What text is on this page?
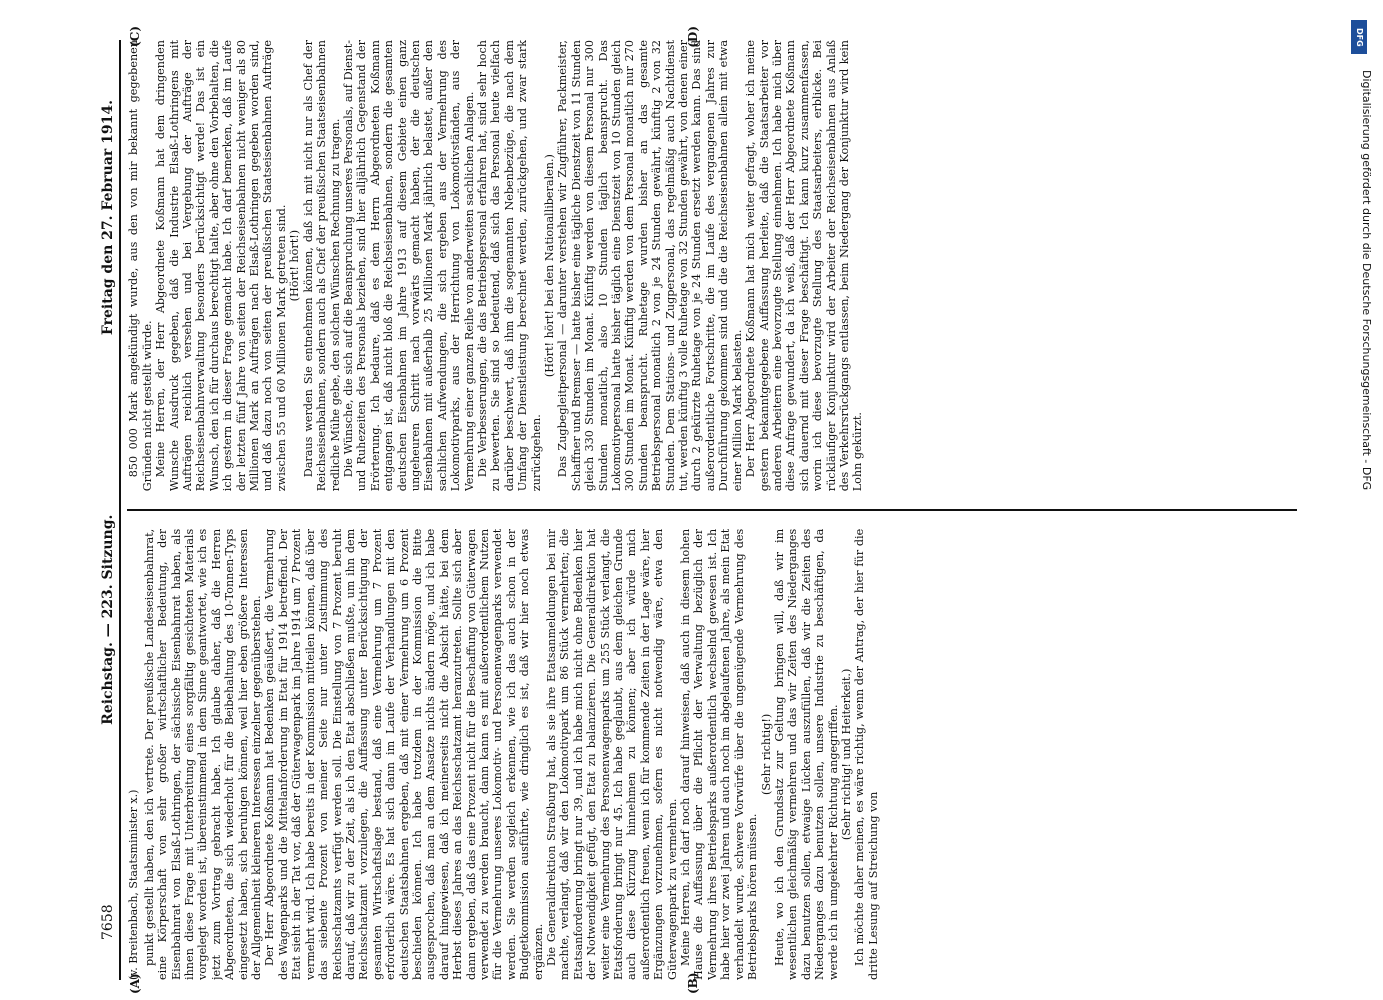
DFG
Digitalisierung gefördert durch die Deutsche Forschungsgemeinschaft - DFG
7658
Reichstag. — 223. Sitzung.
Freitag den 27. Februar 1914.
(v. Breitenbach, Staatsminister x.) punkt gestellt haben, den ich vertrete. Der preußische Landeseisenbahnrat, eine Körperschaft von sehr großer wirtschaftlicher Bedeutung, der Eisenbahnrat von Elsaß-Lothringen, der sächsische Eisenbahnrat haben, als ihnen diese Frage mit Unterbreitung eines sorgfältig gesichteten Materials vorgelegt worden ist, übereinstimmend in dem Sinne geantwortet, wie ich es jetzt zum Vortrag gebracht habe. Ich glaube daher, daß die Herren Abgeordneten, die sich wiederholt für die Beibehaltung des 10-Tonnen-Typs eingesetzt haben, sich beruhigen können, weil hier eben größere Interessen der Allgemeinheit kleineren Interessen einzelner gegenüberstehen. Der Herr Abgeordnete Koßmann hat Bedenken geäußert, die Vermehrung des Wagenparks und die Mittelanforderung im Etat für 1914 betreffend. Der Etat sieht in der Tat vor, daß der Güterwagenpark im Jahre 1914 um 7 Prozent vermehrt wird. Ich habe bereits in der Kommission mitteilen können, daß über das siebente Prozent von meiner Seite nur unter Zustimmung des Reichsschatzamts verfügt werden soll. Die Einstellung von 7 Prozent beruht darauf, daß wir zu der Zeit, als ich den Etat abschließen mußte, um ihn dem Reichsschatzamt vorzulegen, die Auffassung unter Berücksichtigung der gesamten Wirtschaftslage bestand, daß eine Vermehrung um 7 Prozent erforderlich wäre. Es hat sich dann im Laufe der Verhandlungen mit den deutschen Staatsbahnen ergeben, daß mit einer Vermehrung um 6 Prozent beschieden können. Ich habe trotzdem in der Kommission die Bitte ausgesprochen, daß man an dem Ansatze nichts ändern möge, und ich habe darauf hingewiesen, daß ich meinerseits nicht die Absicht hätte, bei dem Herbst dieses Jahres an das Reichsschatzamt heranzutreten. Sollte sich aber dann ergeben, daß das eine Prozent nicht für die Beschaffung von Güterwagen verwendet zu werden braucht, dann kann es mit außerordentlichem Nutzen für die Vermehrung unseres Lokomotiv- und Personenwagenparks verwendet werden. Sie werden sogleich erkennen, wie ich das auch schon in der Budgetkommission ausführte, wie dringlich es ist, daß wir hier noch etwas ergänzen. Die Generaldirektion Straßburg hat, als sie ihre Etatsanmeldungen bei mir machte, verlangt, daß wir den Lokomotivpark um 86 Stück vermehrten; die Etatsanforderung bringt nur 39, und ich habe mich nicht ohne Bedenken hier der Notwendigkeit gefügt, den Etat zu balanzieren. Die Generaldirektion hat weiter eine Vermehrung des Personenwagenparks um 255 Stück verlangt, die Etatsforderung bringt nur 45. Ich habe geglaubt, aus dem gleichen Grunde auch diese Kürzung hinnehmen zu können; aber ich würde mich außerordentlich freuen, wenn ich für kommende Zeiten in der Lage wäre, hier Ergänzungen vorzunehmen, sofern es nicht notwendig wäre, etwa den Güterwagenpark zu vermehren. Meine Herren, ich darf noch darauf hinweisen, daß auch in diesem hohen Hause die Auffassung über die Pflicht der Verwaltung bezüglich der Vermehrung ihres Betriebsparks außerordentlich wechselnd gewesen ist. Ich habe hier vor zwei Jahren und auch noch im abgelaufenen Jahre, als mein Etat verhandelt wurde, schwere Vorwürfe über die ungenügende Vermehrung des Betriebsparks hören müssen.

(Sehr richtig!) Heute, wo ich den Grundsatz zur Geltung bringen will, daß wir im wesentlichen gleichmäßig vermehren und das wir Zeiten des Niederganges dazu benutzen sollen, etwaige Lücken auszufüllen, daß wir die Zeiten des Niederganges dazu benutzen sollen, unsere Industrie zu beschäftigen, da werde ich in umgekehrter Richtung angegriffen. (Sehr richtig! und Heiterkeit.) Ich möchte daher meinen, es wäre richtig, wenn der Antrag, der hier für die dritte Lesung auf Streichung von

850 000 Mark angekündigt wurde, aus den von mir bekannt gegebenen Gründen nicht gestellt würde. Meine Herren, der Herr Abgeordnete Koßmann hat dem dringenden Wunsche Ausdruck gegeben, daß die Industrie Elsaß-Lothringens mit Aufträgen reichlich versehen und bei Vergebung der Aufträge der Reichseisenbahnverwaltung besonders berücksichtigt werde! Das ist ein Wunsch, den ich für durchaus berechtigt halte, aber ohne den Vorbehalten, die ich gestern in dieser Frage gemacht habe. Ich darf bemerken, daß im Laufe der letzten fünf Jahre von seiten der Reichseisenbahnen nicht weniger als 80 Millionen Mark an Aufträgen nach Elsaß-Lothringen gegeben worden sind, und daß dazu noch von seiten der preußischen Staatseisenbahnen Aufträge zwischen 55 und 60 Millionen Mark getreten sind. (Hört! hört!) Daraus werden Sie entnehmen können, daß ich mit nicht nur als Chef der Reichseisenbahnen, sondern auch als Chef der preußischen Staatseisenbahnen redliche Mühe gebe, den solchen Wünschen Rechnung zu tragen. Die Wünsche, die sich auf die Beanspruchung unseres Personals, auf Dienst- und Ruhezeiten des Personals beziehen, sind hier alljährlich Gegenstand der Erörterung. Ich bedaure, daß es dem Herrn Abgeordneten Koßmann entgangen ist, daß nicht bloß die Reichseisenbahnen, sondern die gesamten deutschen Eisenbahnen im Jahre 1913 auf diesem Gebiete einen ganz ungeheuren Schritt nach vorwärts gemacht haben, der die deutschen Eisenbahnen mit außerhalb 25 Millionen Mark jährlich belastet, außer den sachlichen Aufwendungen, die sich ergeben aus der Vermehrung des Lokomotivparks, aus der Herrichtung von Lokomotivständen, aus der Vermehrung einer ganzen Reihe von anderweiten sachlichen Anlagen. Die Verbesserungen, die das Betriebspersonal erfahren hat, sind sehr hoch zu bewerten. Sie sind so bedeutend, daß sich das Personal heute vielfach darüber beschwert, daß ihm die sogenannten Nebenbezüge, die nach dem Umfang der Dienstleistung berechnet werden, zurückgehen, und zwar stark zurückgehen.

(Hört! hört! bei den Nationalliberalen.) Das Zugbegleitpersonal — darunter verstehen wir Zugführer, Packmeister, Schaffner und Bremser — hatte bisher eine tägliche Dienstzeit von 11 Stunden gleich 330 Stunden im Monat. Künftig werden von diesem Personal nur 300 Stunden monatlich, also 10 Stunden täglich beansprucht. Das Lokomotivpersonal hatte bisher täglich eine Dienstzeit von 10 Stunden gleich 300 Stunden im Monat. Künftig werden von dem Personal monatlich nur 270 Stunden beansprucht. Ruhetage wurden bisher an das gesamte Betriebspersonal monatlich 2 von je 24 Stunden gewährt, künftig 2 von 32 Stunden. Dem Stations- und Zugpersonal, das regelmäßig auch Nachtdienst tut, werden künftig 3 volle Ruhetage von 32 Stunden gewährt, von denen einer durch 2 gekürzte Ruhetage von je 24 Stunden ersetzt werden kann. Das sind außerordentliche Fortschritte, die im Laufe des vergangenen Jahres zur Durchführung gekommen sind und die die Reichseisenbahnen allein mit etwa einer Million Mark belasten. Der Herr Abgeordnete Koßmann hat mich weiter gefragt, woher ich meine gestern bekanntgegebene Auffassung herleite, daß die Staatsarbeiter vor anderen Arbeitern eine bevorzugte Stellung einnehmen. Ich habe mich über diese Anfrage gewundert, da ich weiß, daß der Herr Abgeordnete Koßmann sich dauernd mit dieser Frage beschäftigt. Ich kann kurz zusammenfassen, worin ich diese bevorzugte Stellung des Staatsarbeiters, erblicke. Bei rückläufiger Konjunktur wird der Arbeiter der Reichseisenbahnen aus Anlaß des Verkehrsrückgangs entlassen, beim Niedergang der Konjunktur wird kein Lohn gekürzt.

(A)	(B)
(C)	(D)
